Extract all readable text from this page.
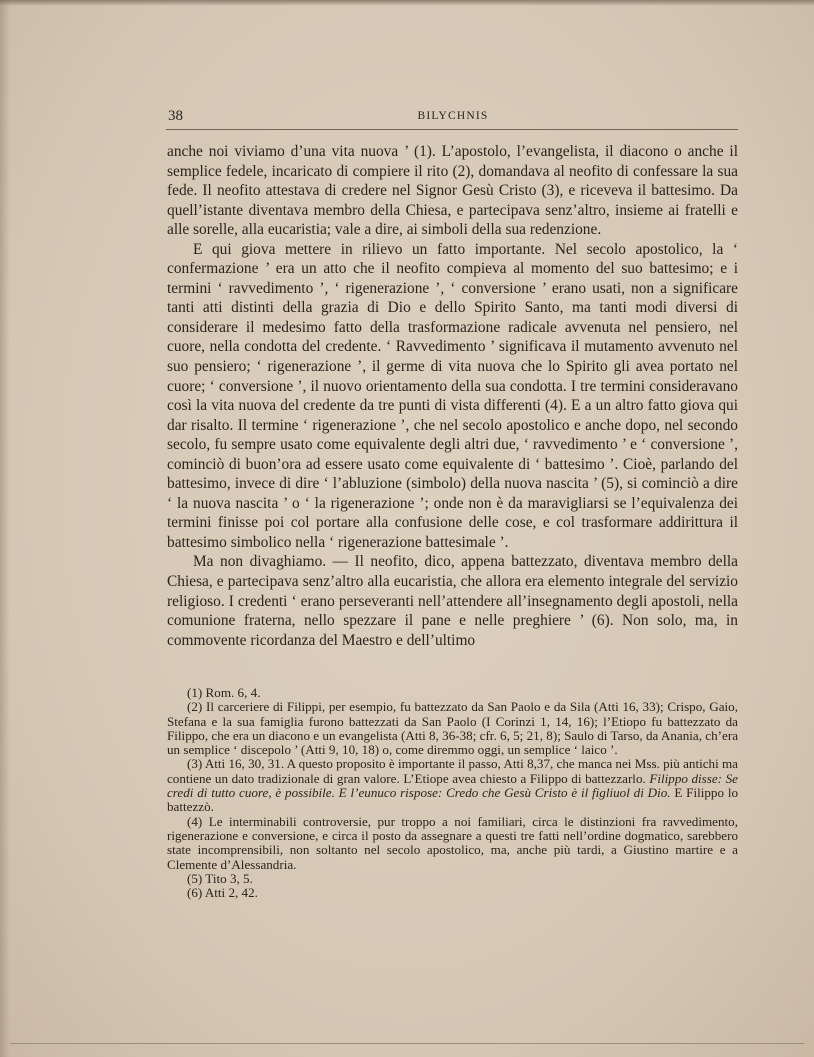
38	BILYCHNIS

anche noi viviamo d’una vita nuova ’ (1). L’apostolo, l’evangelista, il diacono o anche il semplice fedele, incaricato di compiere il rito (2), domandava al neofito di confessare la sua fede. Il neofito attestava di credere nel Signor Gesù Cristo (3), e riceveva il battesimo. Da quell’istante diventava membro della Chiesa, e partecipava senz’altro, insieme ai fratelli e alle sorelle, alla eucaristia; vale a dire, ai simboli della sua redenzione.

E qui giova mettere in rilievo un fatto importante. Nel secolo apostolico, la ‘ confermazione ’ era un atto che il neofito compieva al momento del suo battesimo; e i termini ‘ ravvedimento ’, ‘ rigenerazione ’, ‘ conversione ’ erano usati, non a significare tanti atti distinti della grazia di Dio e dello Spirito Santo, ma tanti modi diversi di considerare il medesimo fatto della trasformazione radicale avvenuta nel pensiero, nel cuore, nella condotta del credente. ‘ Ravvedimento ’ significava il mutamento avvenuto nel suo pensiero; ‘ rigenerazione ’, il germe di vita nuova che lo Spirito gli avea portato nel cuore; ‘ conversione ’, il nuovo orientamento della sua condotta. I tre termini consideravano così la vita nuova del credente da tre punti di vista differenti (4). E a un altro fatto giova qui dar risalto. Il termine ‘ rigenerazione ’, che nel secolo apostolico e anche dopo, nel secondo secolo, fu sempre usato come equivalente degli altri due, ‘ ravvedimento ’ e ‘ conversione ’, cominciò di buon’ora ad essere usato come equivalente di ‘ battesimo ’. Cioè, parlando del battesimo, invece di dire ‘ l’abluzione (simbolo) della nuova nascita ’ (5), si cominciò a dire ‘ la nuova nascita ’ o ‘ la rigenerazione ’; onde non è da maravigliarsi se l’equivalenza dei termini finisse poi col portare alla confusione delle cose, e col trasformare addirittura il battesimo simbolico nella ‘ rigenerazione battesimale ’.

Ma non divaghiamo. — Il neofito, dico, appena battezzato, diventava membro della Chiesa, e partecipava senz’altro alla eucaristia, che allora era elemento integrale del servizio religioso. I credenti ‘ erano perseveranti nell’attendere all’insegnamento degli apostoli, nella comunione fraterna, nello spezzare il pane e nelle preghiere ’ (6). Non solo, ma, in commovente ricordanza del Maestro e dell’ultimo

(1) Rom. 6, 4.

(2) Il carceriere di Filippi, per esempio, fu battezzato da San Paolo e da Sila (Atti 16, 33); Crispo, Gaio, Stefana e la sua famiglia furono battezzati da San Paolo (I Corinzi 1, 14, 16); l’Etiopo fu battezzato da Filippo, che era un diacono e un evangelista (Atti 8, 36-38; cfr. 6, 5; 21, 8); Saulo di Tarso, da Anania, ch’era un semplice ‘ discepolo ’ (Atti 9, 10, 18) o, come diremmo oggi, un semplice ‘ laico ’.

(3) Atti 16, 30, 31. A questo proposito è importante il passo, Atti 8,37, che manca nei Mss. più antichi ma contiene un dato tradizionale di gran valore. L’Etiope avea chiesto a Filippo di battezzarlo. Filippo disse: Se credi di tutto cuore, è possibile. E l’eunuco rispose: Credo che Gesù Cristo è il figliuol di Dio. E Filippo lo battezzò.

(4) Le interminabili controversie, pur troppo a noi familiari, circa le distinzioni fra ravvedimento, rigenerazione e conversione, e circa il posto da assegnare a questi tre fatti nell’ordine dogmatico, sarebbero state incomprensibili, non soltanto nel secolo apostolico, ma, anche più tardi, a Giustino martire e a Clemente d’Alessandria.

(5) Tito 3, 5.

(6) Atti 2, 42.
